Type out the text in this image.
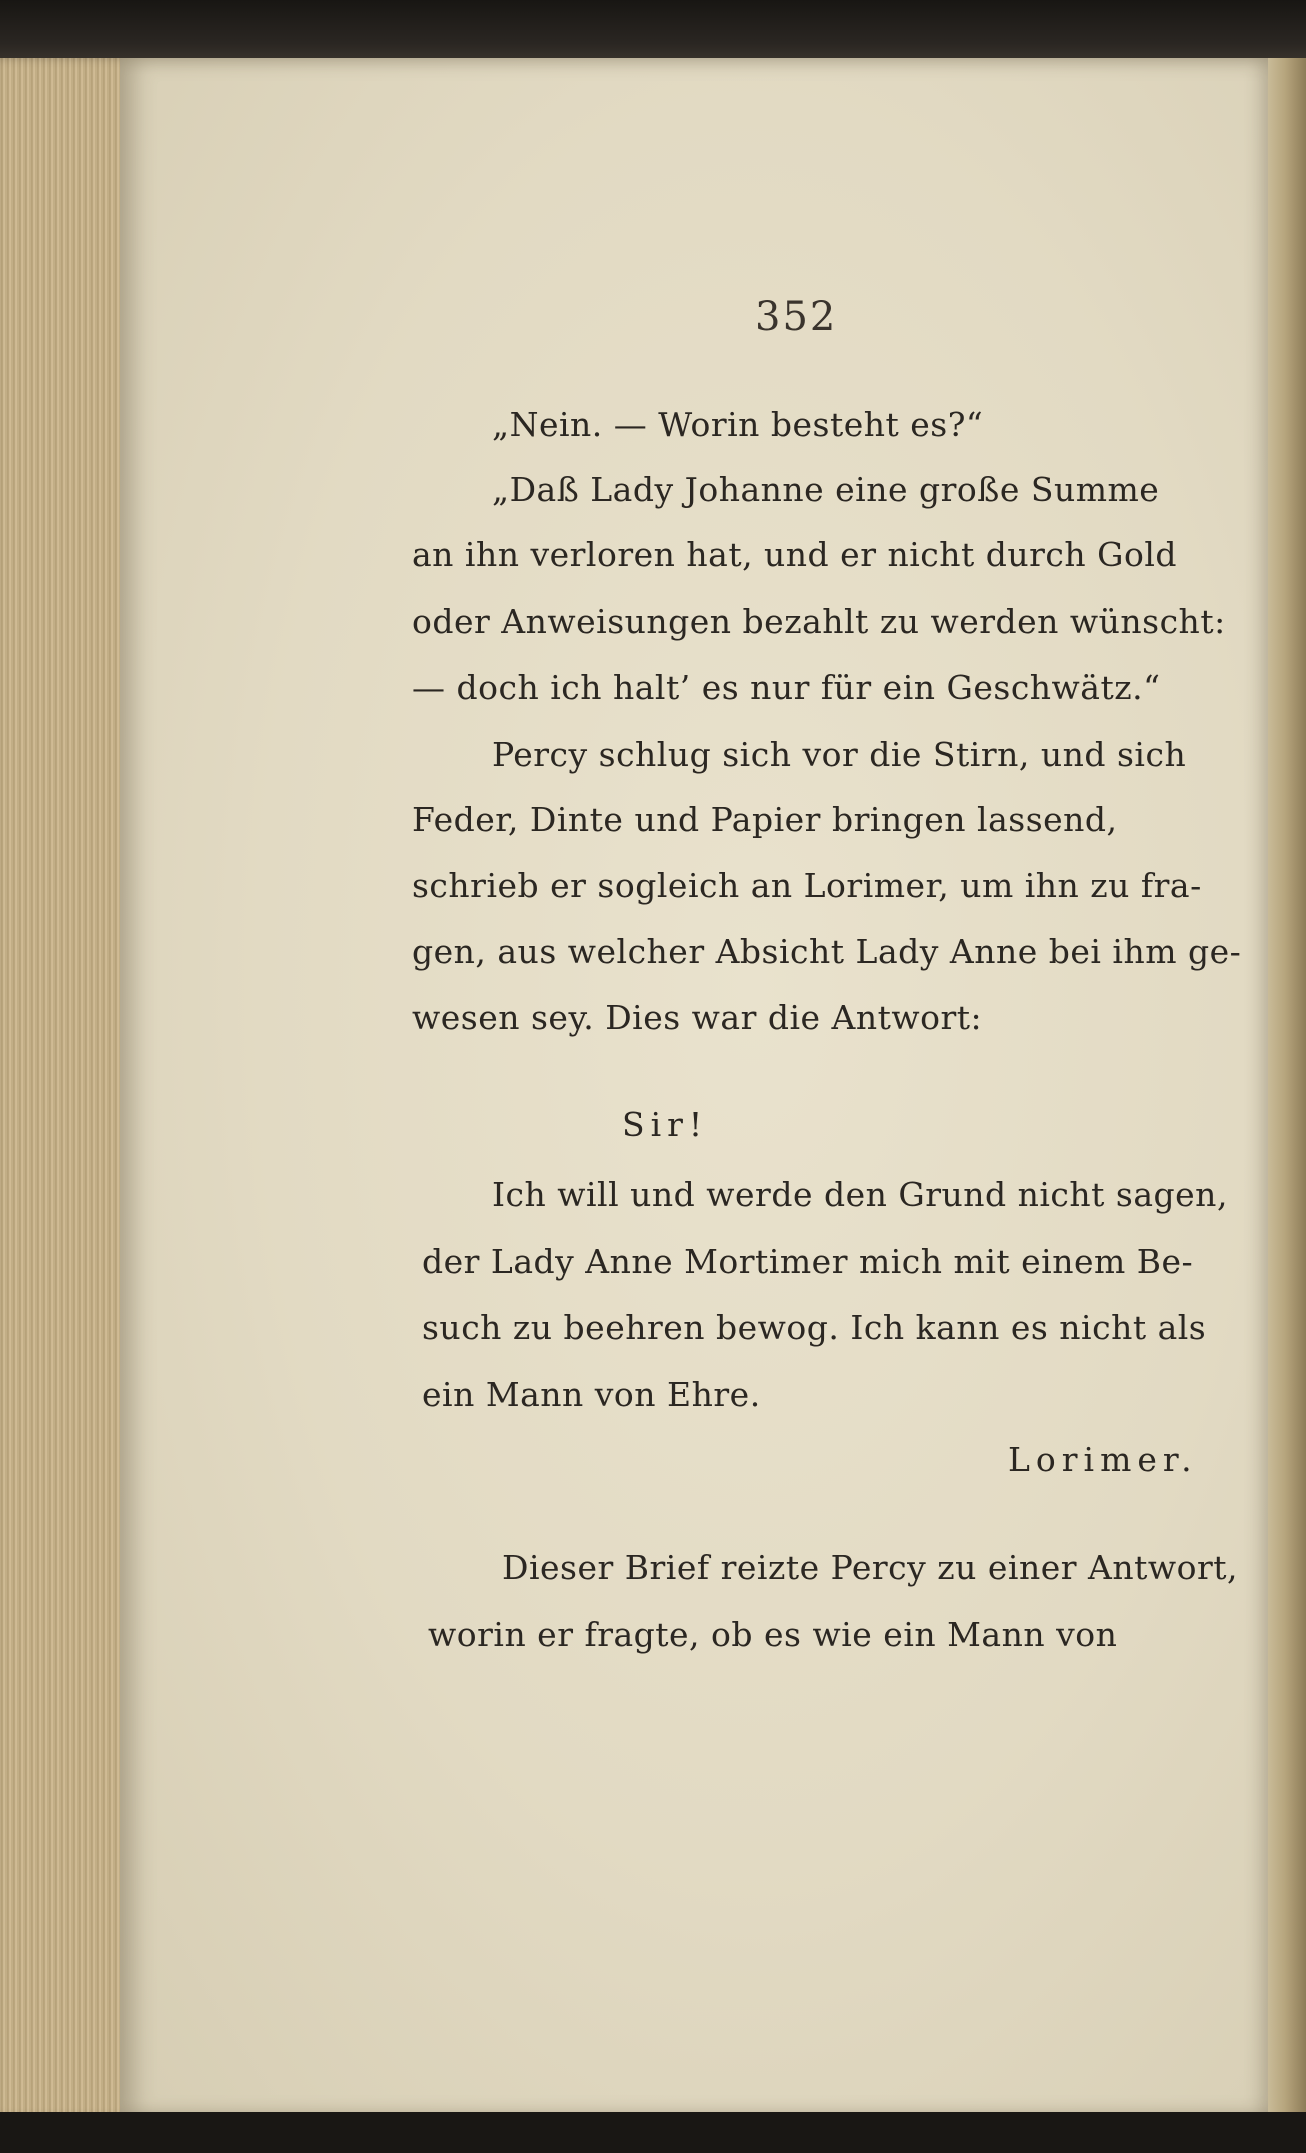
352
„Nein. — Worin besteht es?“
„Daß Lady Johanne eine große Summe
an ihn verloren hat, und er nicht durch Gold
oder Anweisungen bezahlt zu werden wünscht:
— doch ich halt’ es nur für ein Geschwätz.“
Percy schlug sich vor die Stirn, und sich
Feder, Dinte und Papier bringen lassend,
schrieb er sogleich an Lorimer, um ihn zu fra-
gen, aus welcher Absicht Lady Anne bei ihm ge-
wesen sey. Dies war die Antwort:
Sir!
Ich will und werde den Grund nicht sagen,
der Lady Anne Mortimer mich mit einem Be-
such zu beehren bewog. Ich kann es nicht als
ein Mann von Ehre.
Lorimer.
Dieser Brief reizte Percy zu einer Antwort,
worin er fragte, ob es wie ein Mann von
